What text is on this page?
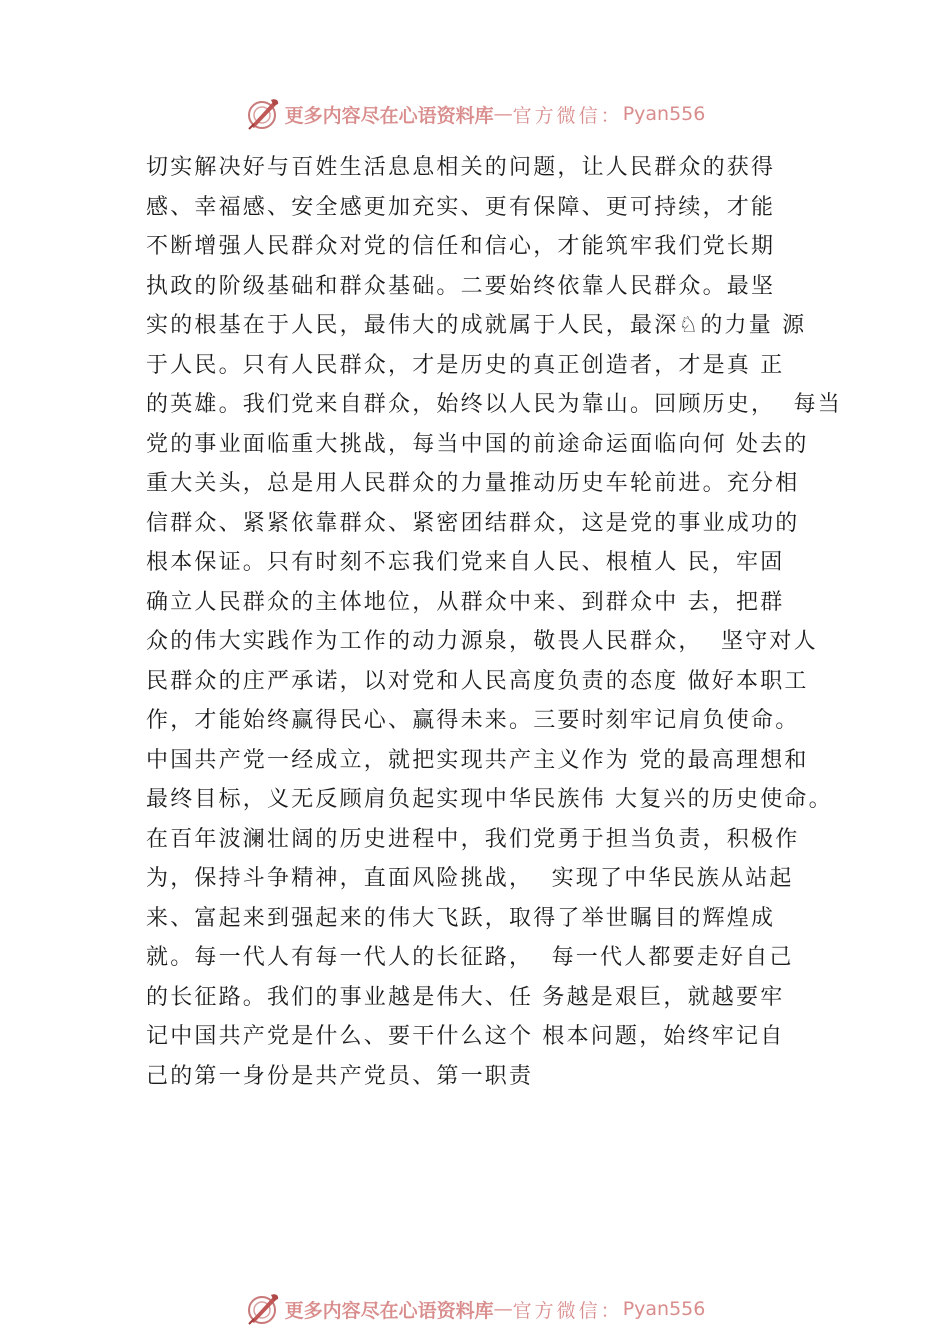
更多内容尽在心语资料库 — 官方微信： Pyan556
切实解决好与百姓生活息息相关的问题，让人民群众的获得
感、幸福感、安全感更加充实、更有保障、更可持续，才能
不断增强人民群众对党的信任和信心，才能筑牢我们党长期
执政的阶级基础和群众基础。二要始终依靠人民群众。最坚
实的根基在于人民，最伟大的成就属于人民，最深♘的力量 源
于人民。只有人民群众，才是历史的真正创造者，才是真 正
的英雄。我们党来自群众，始终以人民为靠山。回顾历史，  每当
党的事业面临重大挑战，每当中国的前途命运面临向何 处去的
重大关头，总是用人民群众的力量推动历史车轮前进。充分相
信群众、紧紧依靠群众、紧密团结群众，这是党的事业成功的
根本保证。只有时刻不忘我们党来自人民、根植人 民，牢固
确立人民群众的主体地位，从群众中来、到群众中 去，把群
众的伟大实践作为工作的动力源泉，敬畏人民群众，  坚守对人
民群众的庄严承诺，以对党和人民高度负责的态度 做好本职工
作，才能始终赢得民心、赢得未来。三要时刻牢记肩负使命。
中国共产党一经成立，就把实现共产主义作为 党的最高理想和
最终目标，义无反顾肩负起实现中华民族伟 大复兴的历史使命。
在百年波澜壮阔的历史进程中，我们党勇于担当负责，积极作
为，保持斗争精神，直面风险挑战，  实现了中华民族从站起
来、富起来到强起来的伟大飞跃，取得了举世瞩目的辉煌成
就。每一代人有每一代人的长征路，  每一代人都要走好自己
的长征路。我们的事业越是伟大、任 务越是艰巨，就越要牢
记中国共产党是什么、要干什么这个 根本问题，始终牢记自
己的第一身份是共产党员、第一职责
更多内容尽在心语资料库 — 官方微信： Pyan556
